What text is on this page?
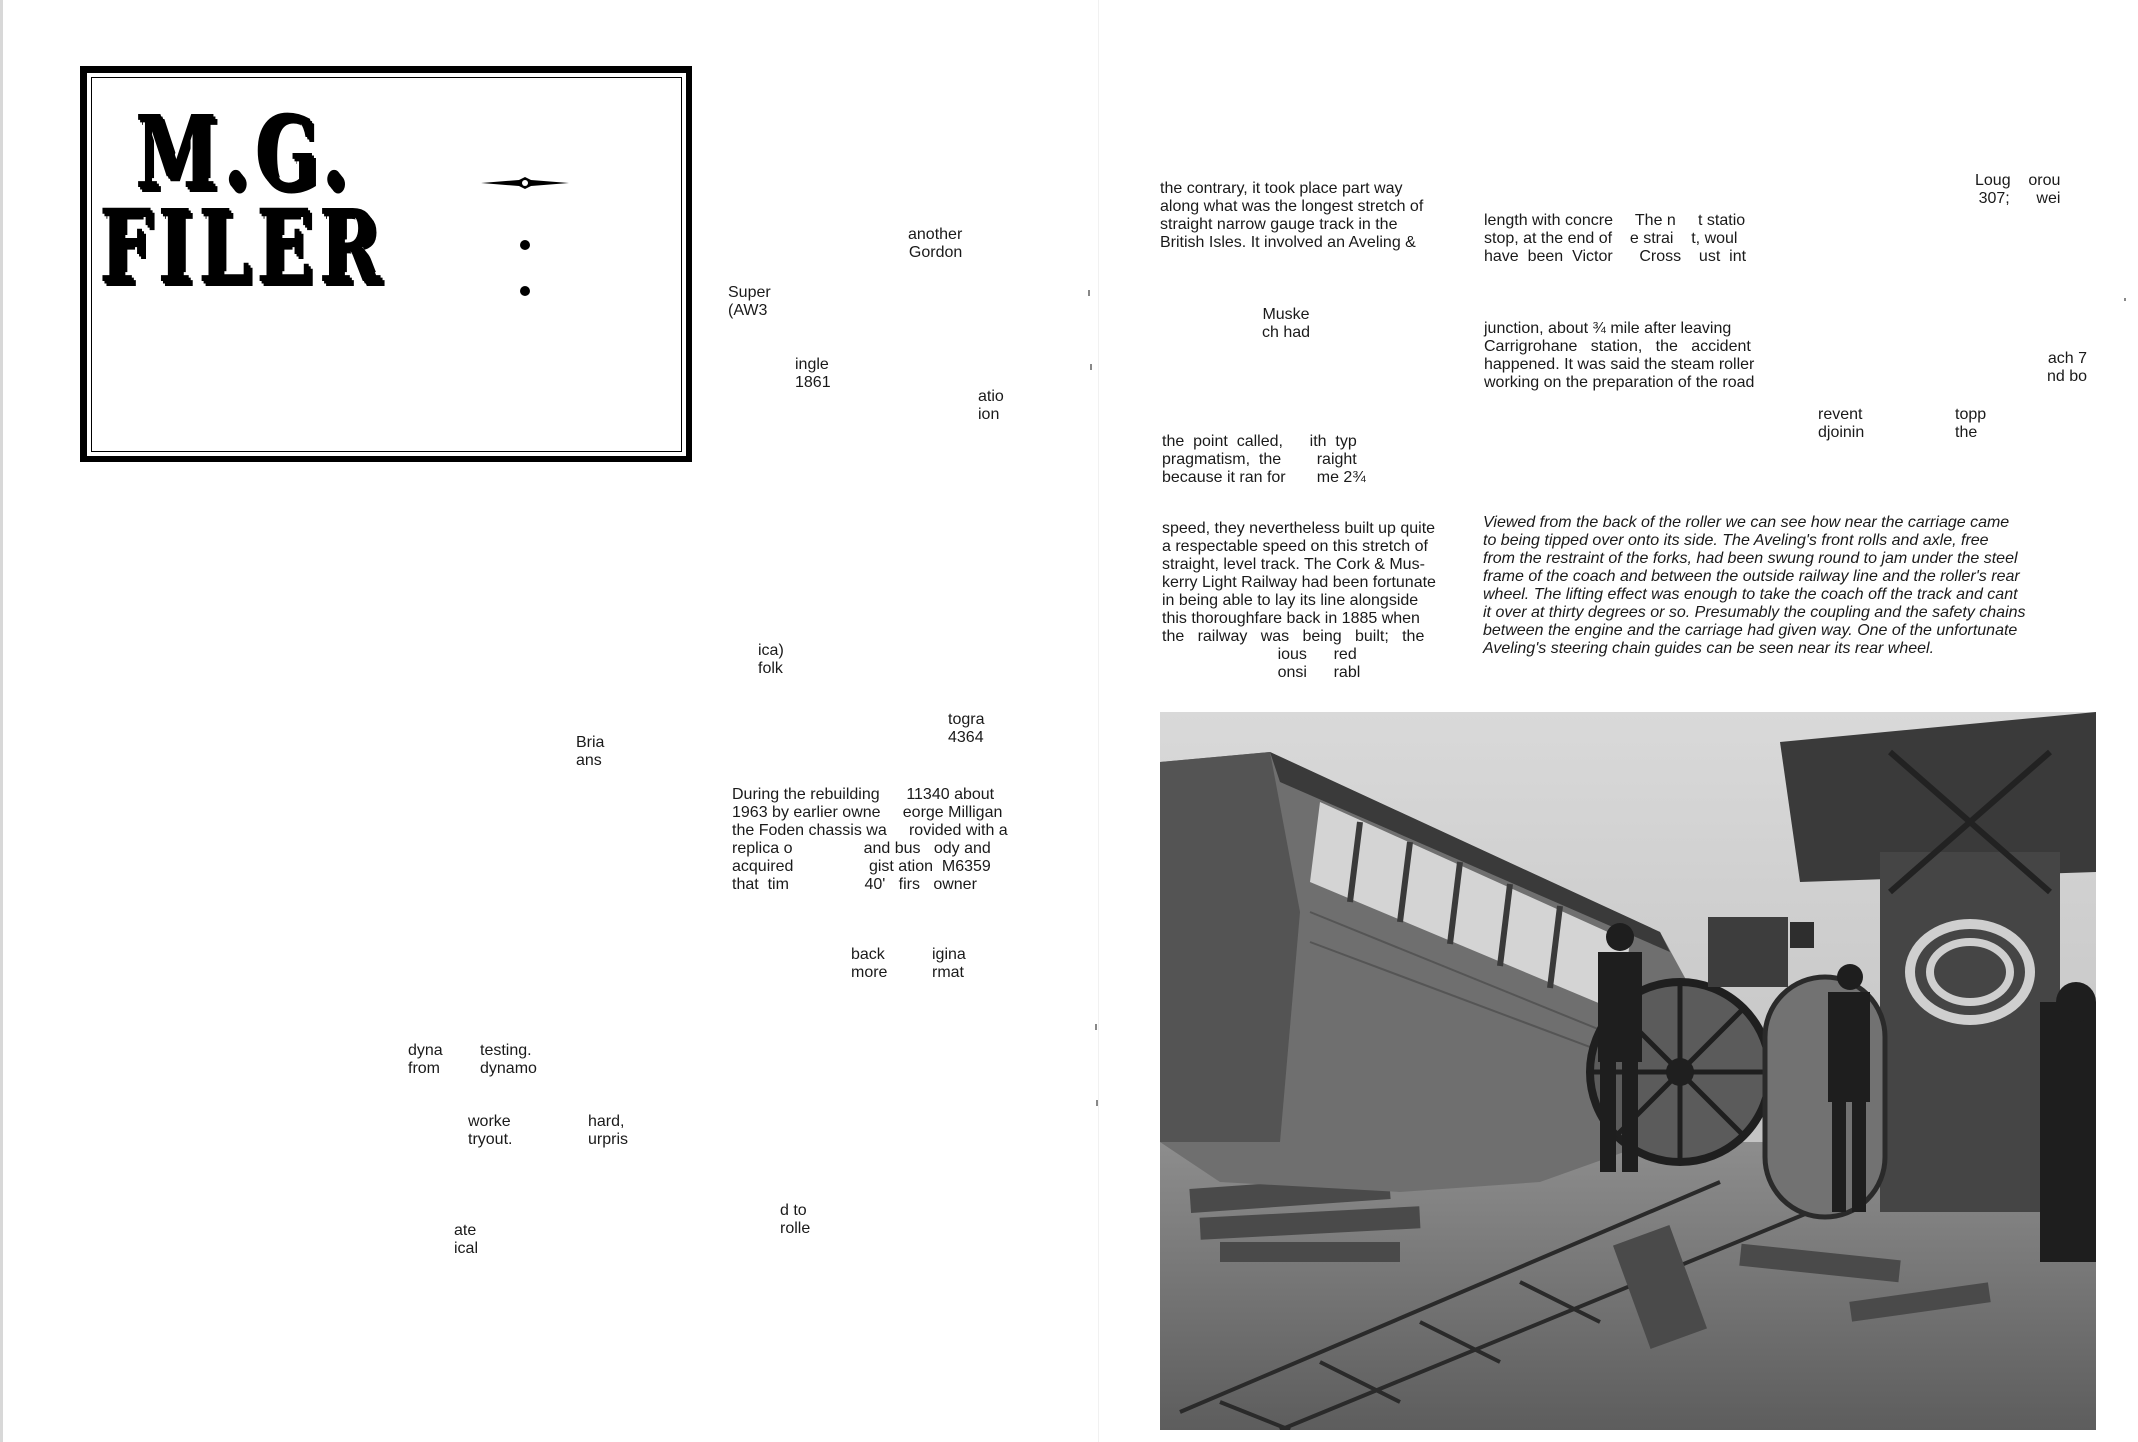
M.G.
FILER	another
Gordon
Super
(AW3
ingle
1861
atio
ion
ica)
folk
togra
4364
Bria
ans

During the rebuilding      11340 about

1963 by earlier owne     eorge Milligan

the Foden chassis wa     rovided with a

replica o                and bus   ody and

acquired                 gist ation  M6359

that  tim                 40'   firs   owner

back
more
igina
rmat
dyna
from
testing.
dynamo
worke
tryout.
hard,
urpris
d to
rolle
ate
ical

the contrary, it took place part way

along what was the longest stretch of

straight narrow gauge track in the

British Isles. It involved an Aveling &

Muske

ch had

the  point  called,      ith  typ

pragmatism,  the        raight

because it ran for       me 2¾

speed, they nevertheless built up quite

a respectable speed on this stretch of

straight, level track. The Cork & Mus-

kerry Light Railway had been fortunate

in being able to lay its line alongside

this thoroughfare back in 1885 when

the   railway   was   being   built;   the

ious      red

onsi      rabl

length with concre     The n     t statio

stop, at the end of    e strai    t, woul

have  been  Victor      Cross    ust  int

junction, about ¾ mile after leaving

Carrigrohane   station,   the   accident

happened. It was said the steam roller

working on the preparation of the road

revent

djoinin

Loug    orou
307;      wei
topp
the
ach 7
nd bo

Viewed from the back of the roller we can see how near the carriage came

to being tipped over onto its side. The Aveling's front rolls and axle, free

from the restraint of the forks, had been swung round to jam under the steel

frame of the coach and between the outside railway line and the roller's rear

wheel. The lifting effect was enough to take the coach off the track and cant

it over at thirty degrees or so. Presumably the coupling and the safety chains

between the engine and the carriage had given way. One of the unfortunate

Aveling's steering chain guides can be seen near its rear wheel.
